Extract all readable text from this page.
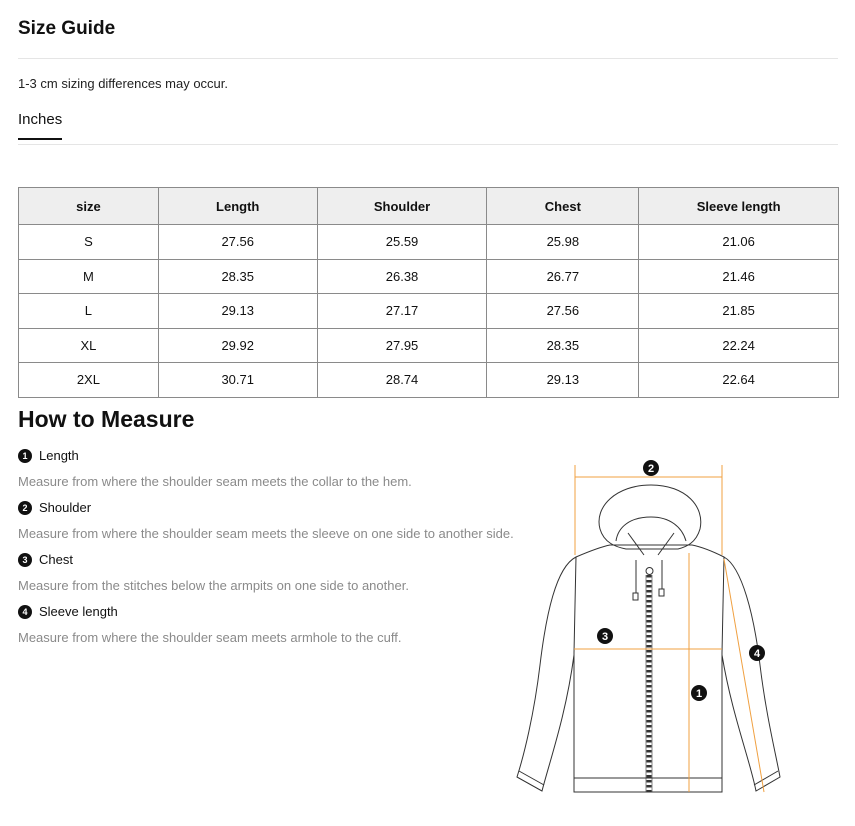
Size Guide
1-3 cm sizing differences may occur.
Inches
size	Length	Shoulder	Chest	Sleeve length
S	27.56	25.59	25.98	21.06
M	28.35	26.38	26.77	21.46
L	29.13	27.17	27.56	21.85
XL	29.92	27.95	28.35	22.24
2XL	30.71	28.74	29.13	22.64
How to Measure
1 Length
Measure from where the shoulder seam meets the collar to the hem.
2 Shoulder
Measure from where the shoulder seam meets the sleeve on one side to another side.
3 Chest
Measure from the stitches below the armpits on one side to another.
4 Sleeve length
Measure from where the shoulder seam meets armhole to the cuff.
2
3
4
1
